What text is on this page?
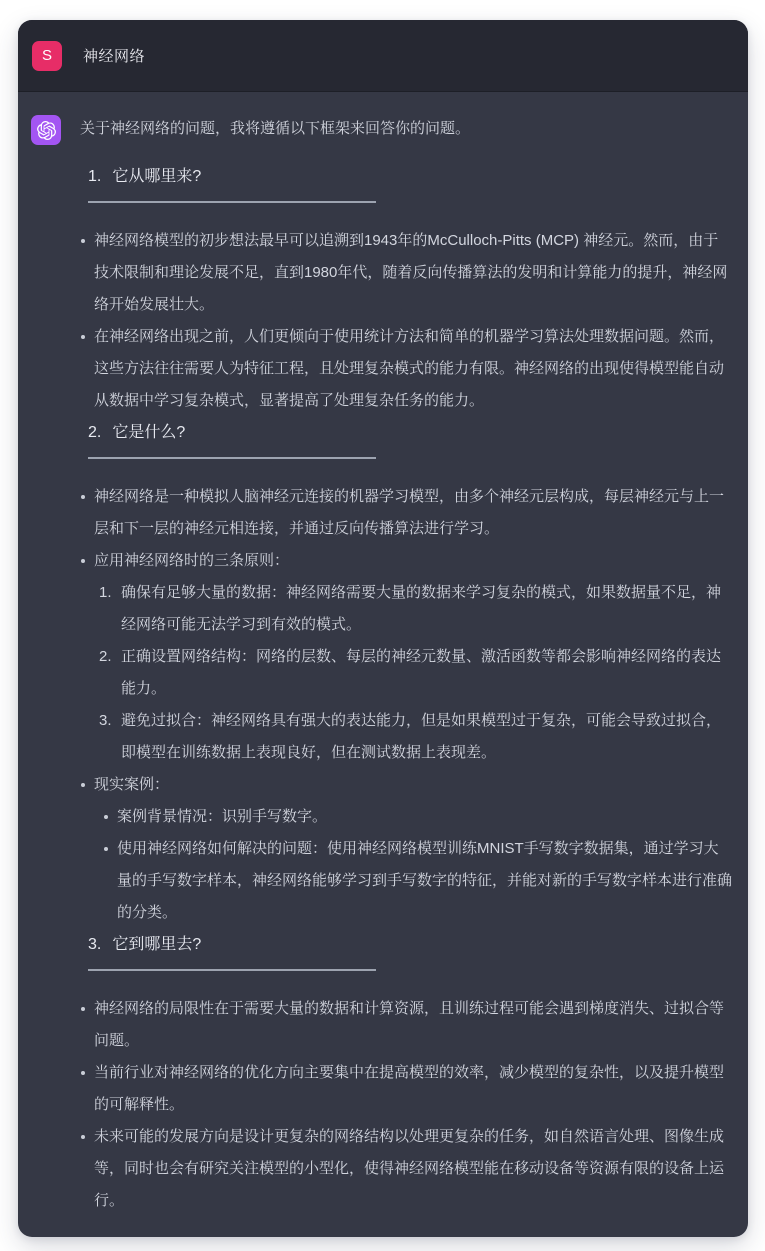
S 神经网络

关于神经网络的问题，我将遵循以下框架来回答你的问题。

1. 它从哪里来?
神经网络模型的初步想法最早可以追溯到1943年的McCulloch-Pitts (MCP) 神经元。然而，由于技术限制和理论发展不足，直到1980年代，随着反向传播算法的发明和计算能力的提升，神经网络开始发展壮大。
在神经网络出现之前，人们更倾向于使用统计方法和简单的机器学习算法处理数据问题。然而，这些方法往往需要人为特征工程，且处理复杂模式的能力有限。神经网络的出现使得模型能自动从数据中学习复杂模式，显著提高了处理复杂任务的能力。
2. 它是什么?
神经网络是一种模拟人脑神经元连接的机器学习模型，由多个神经元层构成，每层神经元与上一层和下一层的神经元相连接，并通过反向传播算法进行学习。
应用神经网络时的三条原则：
1. 确保有足够大量的数据：神经网络需要大量的数据来学习复杂的模式，如果数据量不足，神经网络可能无法学习到有效的模式。
2. 正确设置网络结构：网络的层数、每层的神经元数量、激活函数等都会影响神经网络的表达能力。
3. 避免过拟合：神经网络具有强大的表达能力，但是如果模型过于复杂，可能会导致过拟合，即模型在训练数据上表现良好，但在测试数据上表现差。
现实案例：
案例背景情况：识别手写数字。
使用神经网络如何解决的问题：使用神经网络模型训练MNIST手写数字数据集，通过学习大量的手写数字样本，神经网络能够学习到手写数字的特征，并能对新的手写数字样本进行准确的分类。
3. 它到哪里去?
神经网络的局限性在于需要大量的数据和计算资源，且训练过程可能会遇到梯度消失、过拟合等问题。
当前行业对神经网络的优化方向主要集中在提高模型的效率，减少模型的复杂性，以及提升模型的可解释性。
未来可能的发展方向是设计更复杂的网络结构以处理更复杂的任务，如自然语言处理、图像生成等，同时也会有研究关注模型的小型化，使得神经网络模型能在移动设备等资源有限的设备上运行。
